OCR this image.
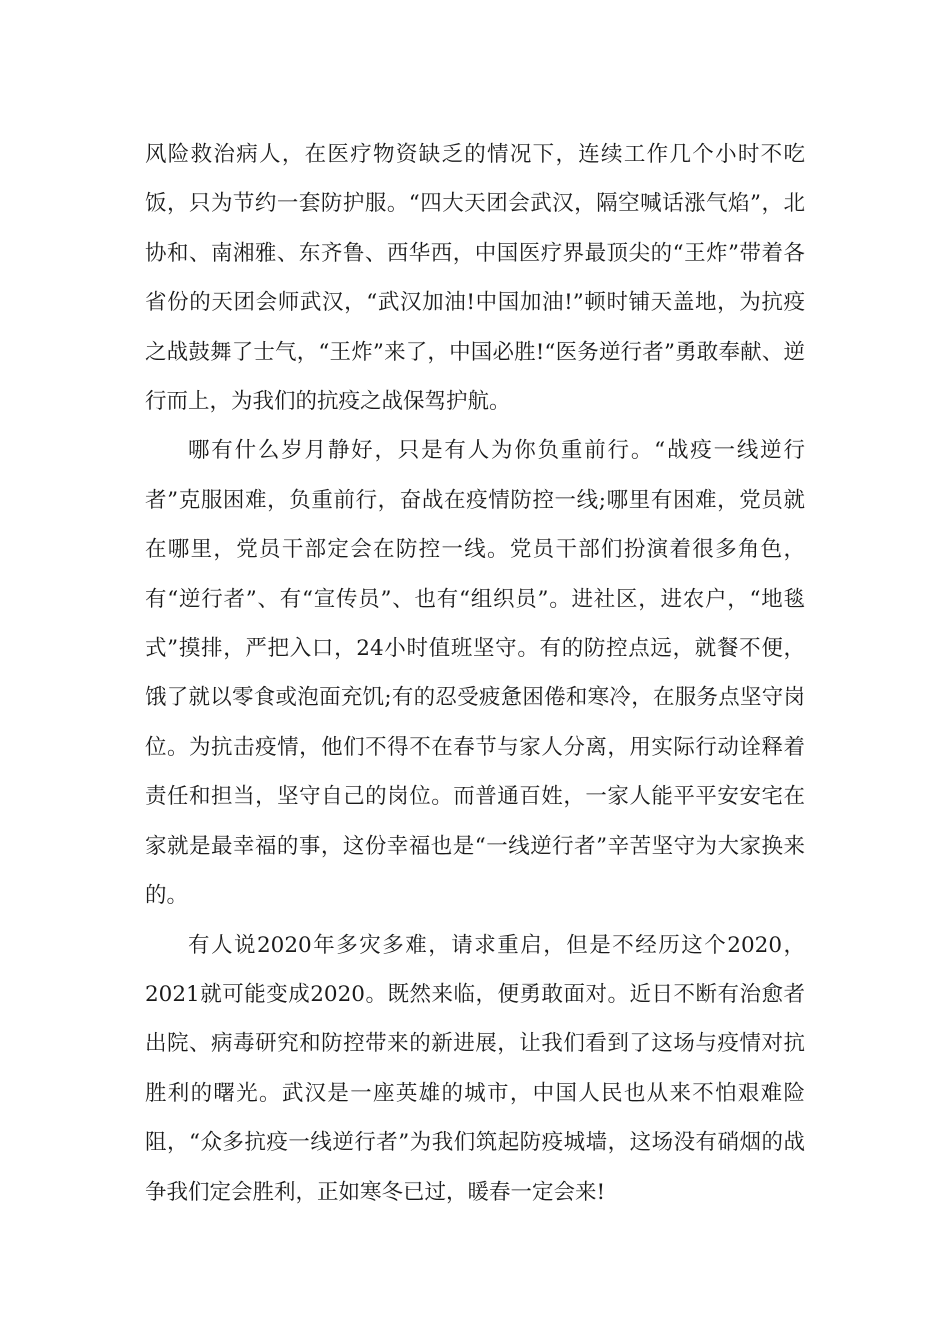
风险救治病人，在医疗物资缺乏的情况下，连续工作几个小时不吃饭，只为节约一套防护服。“四大天团会武汉，隔空喊话涨气焰”，北协和、南湘雅、东齐鲁、西华西，中国医疗界最顶尖的“王炸”带着各省份的天团会师武汉，“武汉加油!中国加油!”顿时铺天盖地，为抗疫之战鼓舞了士气，“王炸”来了，中国必胜!“医务逆行者”勇敢奉献、逆行而上，为我们的抗疫之战保驾护航。

哪有什么岁月静好，只是有人为你负重前行。“战疫一线逆行者”克服困难，负重前行，奋战在疫情防控一线;哪里有困难，党员就在哪里，党员干部定会在防控一线。党员干部们扮演着很多角色，有“逆行者”、有“宣传员”、也有“组织员”。进社区，进农户，“地毯式”摸排，严把入口，24小时值班坚守。有的防控点远，就餐不便，饿了就以零食或泡面充饥;有的忍受疲惫困倦和寒冷，在服务点坚守岗位。为抗击疫情，他们不得不在春节与家人分离，用实际行动诠释着责任和担当，坚守自己的岗位。而普通百姓，一家人能平平安安宅在家就是最幸福的事，这份幸福也是“一线逆行者”辛苦坚守为大家换来的。

有人说2020年多灾多难，请求重启，但是不经历这个2020，2021就可能变成2020。既然来临，便勇敢面对。近日不断有治愈者出院、病毒研究和防控带来的新进展，让我们看到了这场与疫情对抗胜利的曙光。武汉是一座英雄的城市，中国人民也从来不怕艰难险阻，“众多抗疫一线逆行者”为我们筑起防疫城墙，这场没有硝烟的战争我们定会胜利，正如寒冬已过，暖春一定会来!
